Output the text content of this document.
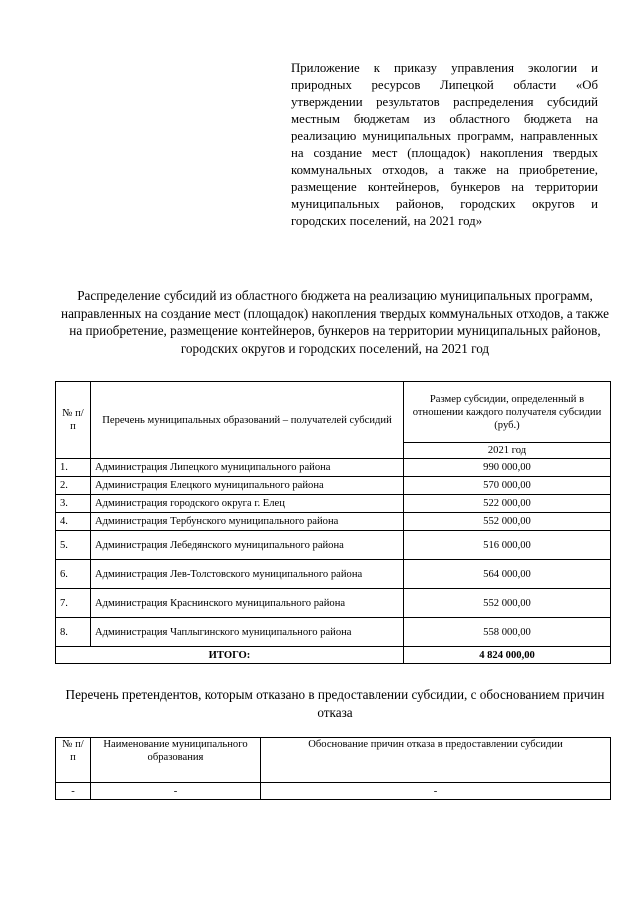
Приложение к приказу управления экологии и природных ресурсов Липецкой области «Об утверждении результатов распределения субсидий местным бюджетам из областного бюджета на реализацию муниципальных программ, направленных на создание мест (площадок) накопления твердых коммунальных отходов, а также на приобретение, размещение контейнеров, бункеров на территории муниципальных районов, городских округов и городских поселений, на 2021 год»
Распределение субсидий из областного бюджета на реализацию муниципальных программ, направленных на создание мест (площадок) накопления твердых коммунальных отходов, а также на приобретение, размещение контейнеров, бункеров на территории муниципальных районов, городских округов и городских поселений, на 2021 год
№ п/п	Перечень муниципальных образований – получателей субсидий	Размер субсидии, определенный в отношении каждого получателя субсидии (руб.)
		2021 год
1.	Администрация Липецкого муниципального района	990 000,00
2.	Администрация Елецкого муниципального района	570 000,00
3.	Администрация городского округа г. Елец	522 000,00
4.	Администрация Тербунского муниципального района	552 000,00
5.	Администрация Лебедянского муниципального района	516 000,00
6.	Администрация Лев-Толстовского муниципального района	564 000,00
7.	Администрация Краснинского муниципального района	552 000,00
8.	Администрация Чаплыгинского муниципального района	558 000,00
ИТОГО:		4 824 000,00
Перечень претендентов, которым отказано в предоставлении субсидии, с обоснованием причин отказа
№ п/п	Наименование муниципального образования	Обоснование причин отказа в предоставлении субсидии
-	-	-
